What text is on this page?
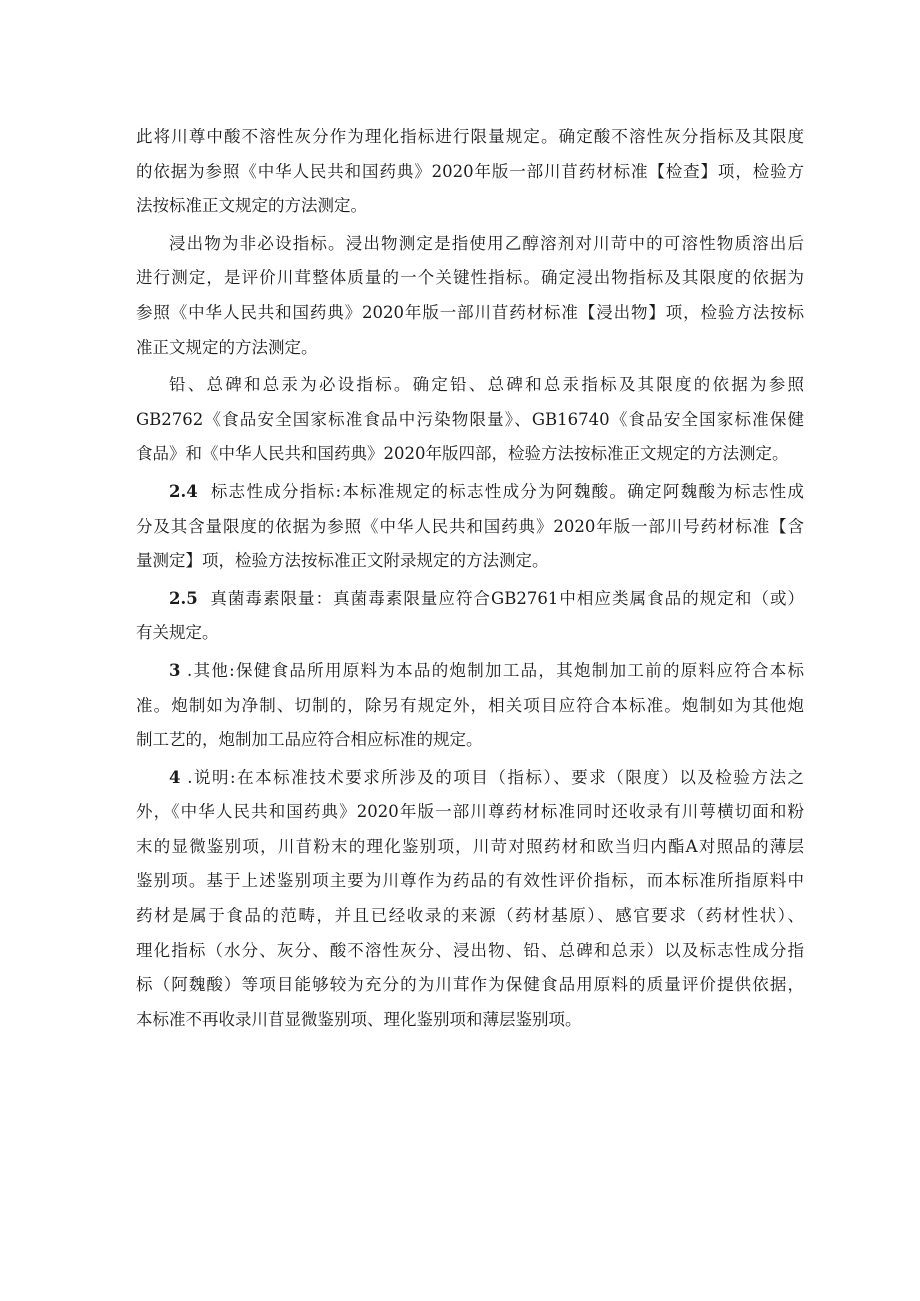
此将川尊中酸不溶性灰分作为理化指标进行限量规定。确定酸不溶性灰分指标及其限度
的依据为参照《中华人民共和国药典》2020年版一部川苜药材标准【检查】项，检验方
法按标准正文规定的方法测定。

浸出物为非必设指标。浸出物测定是指使用乙醇溶剂对川苛中的可溶性物质溶出后
进行测定，是评价川茸整体质量的一个关键性指标。确定浸出物指标及其限度的依据为
参照《中华人民共和国药典》2020年版一部川苜药材标准【浸出物】项，检验方法按标
准正文规定的方法测定。

铅、总碑和总汞为必设指标。确定铅、总碑和总汞指标及其限度的依据为参照
GB2762《食品安全国家标准食品中污染物限量》、GB16740《食品安全国家标准保健
食品》和《中华人民共和国药典》2020年版四部，检验方法按标准正文规定的方法测定。

2.4 标志性成分指标:本标准规定的标志性成分为阿魏酸。确定阿魏酸为标志性成
分及其含量限度的依据为参照《中华人民共和国药典》2020年版一部川号药材标准【含
量测定】项，检验方法按标准正文附录规定的方法测定。

2.5 真菌毒素限量：真菌毒素限量应符合GB2761中相应类属食品的规定和（或）
有关规定。

3 .其他:保健食品所用原料为本品的炮制加工品，其炮制加工前的原料应符合本标
准。炮制如为净制、切制的，除另有规定外，相关项目应符合本标准。炮制如为其他炮
制工艺的，炮制加工品应符合相应标准的规定。

4 .说明:在本标准技术要求所涉及的项目（指标）、要求（限度）以及检验方法之
外，《中华人民共和国药典》2020年版一部川尊药材标准同时还收录有川萼横切面和粉
末的显微鉴别项，川苜粉末的理化鉴别项，川苛对照药材和欧当归内酯A对照品的薄层
鉴别项。基于上述鉴别项主要为川尊作为药品的有效性评价指标，而本标准所指原料中
药材是属于食品的范畴，并且已经收录的来源（药材基原）、感官要求（药材性状）、
理化指标（水分、灰分、酸不溶性灰分、浸出物、铅、总碑和总汞）以及标志性成分指
标（阿魏酸）等项目能够较为充分的为川茸作为保健食品用原料的质量评价提供依据，
本标准不再收录川苜显微鉴别项、理化鉴别项和薄层鉴别项。
